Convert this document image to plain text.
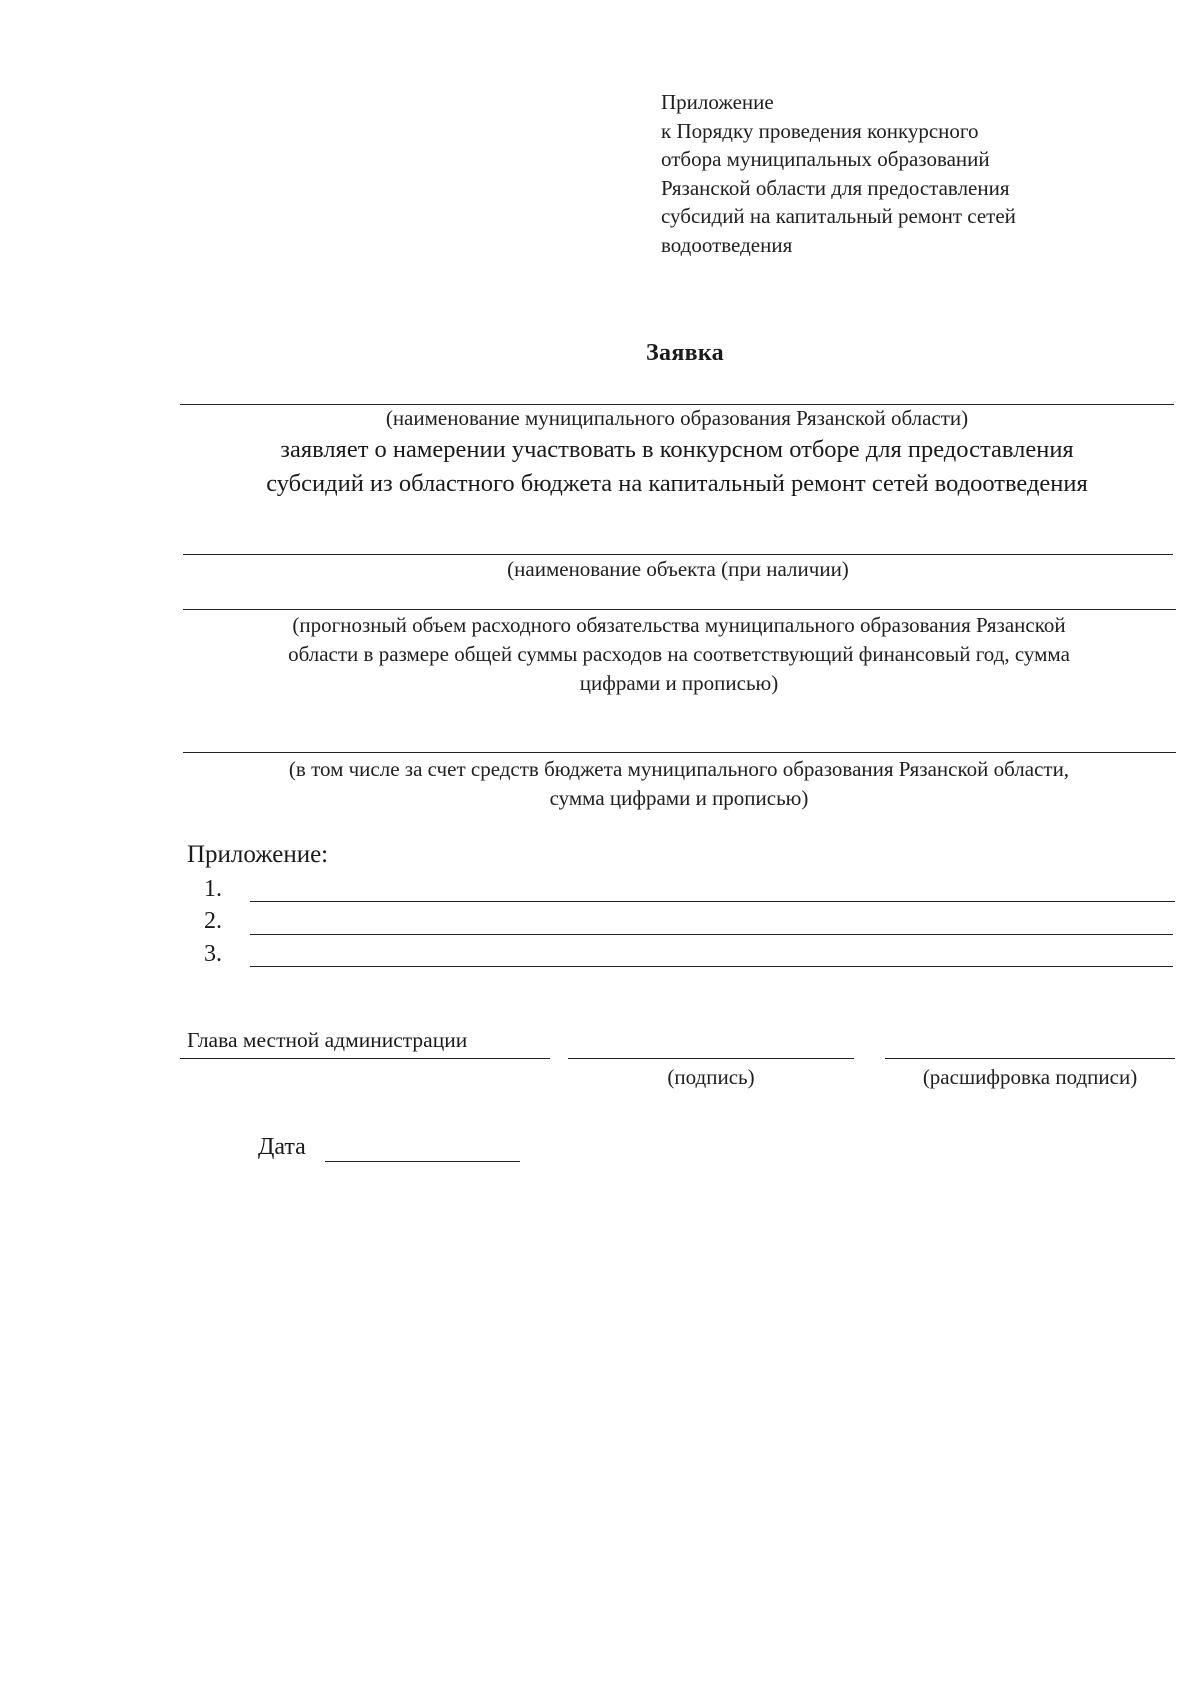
Приложение
к Порядку проведения конкурсного
отбора муниципальных образований
Рязанской области для предоставления
субсидий на капитальный ремонт сетей
водоотведения
Заявка
(наименование муниципального образования Рязанской области)
заявляет о намерении участвовать в конкурсном отборе для предоставления
субсидий из областного бюджета на капитальный ремонт сетей водоотведения
(наименование объекта (при наличии)
(прогнозный объем расходного обязательства муниципального образования Рязанской
области в размере общей суммы расходов на соответствующий финансовый год, сумма
цифрами и прописью)
(в том числе за счет средств бюджета муниципального образования Рязанской области,
сумма цифрами и прописью)
Приложение:
1.
2.
3.
Глава местной администрации
(подпись)	(расшифровка подписи)
Дата
